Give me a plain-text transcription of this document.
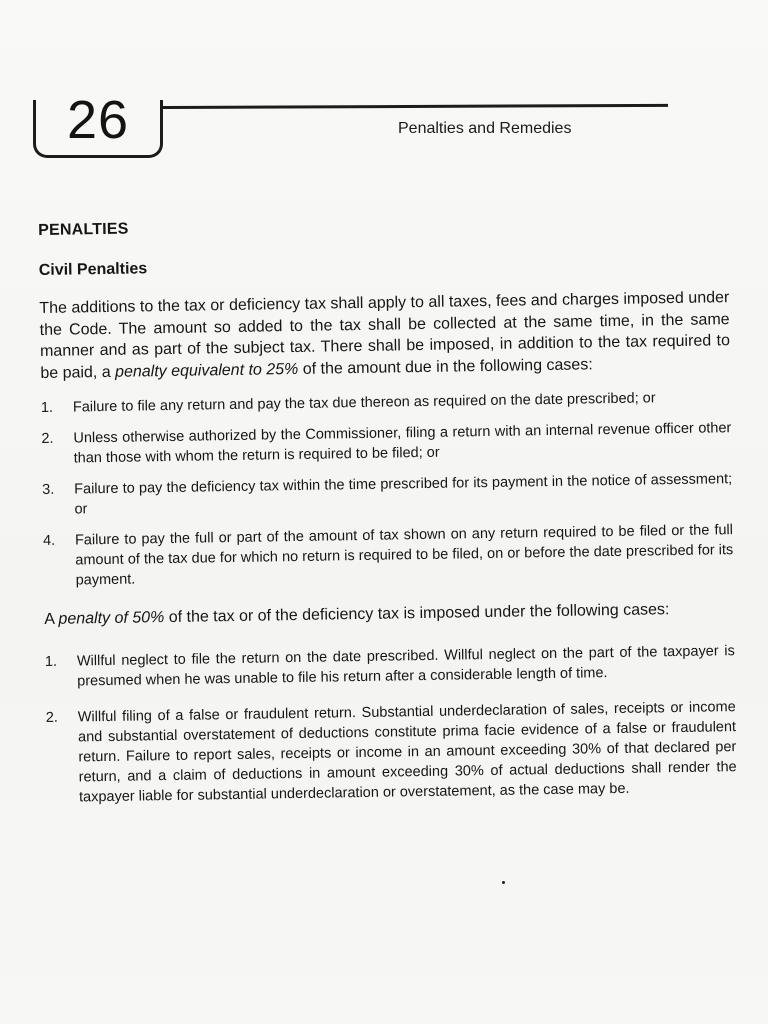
26	Penalties and Remedies
PENALTIES
Civil Penalties

The additions to the tax or deficiency tax shall apply to all taxes, fees and charges imposed under the Code. The amount so added to the tax shall be collected at the same time, in the same manner and as part of the subject tax. There shall be imposed, in addition to the tax required to be paid, a penalty equivalent to 25% of the amount due in the following cases:

1.	Failure to file any return and pay the tax due thereon as required on the date prescribed; or
2.	Unless otherwise authorized by the Commissioner, filing a return with an internal revenue officer other than those with whom the return is required to be filed; or
3.	Failure to pay the deficiency tax within the time prescribed for its payment in the notice of assessment; or
4.	Failure to pay the full or part of the amount of tax shown on any return required to be filed or the full amount of the tax due for which no return is required to be filed, on or before the date prescribed for its payment.

A penalty of 50% of the tax or of the deficiency tax is imposed under the following cases:

1.	Willful neglect to file the return on the date prescribed. Willful neglect on the part of the taxpayer is presumed when he was unable to file his return after a considerable length of time.
2.	Willful filing of a false or fraudulent return. Substantial underdeclaration of sales, receipts or income and substantial overstatement of deductions constitute prima facie evidence of a false or fraudulent return. Failure to report sales, receipts or income in an amount exceeding 30% of that declared per return, and a claim of deductions in amount exceeding 30% of actual deductions shall render the taxpayer liable for substantial underdeclaration or overstatement, as the case may be.
